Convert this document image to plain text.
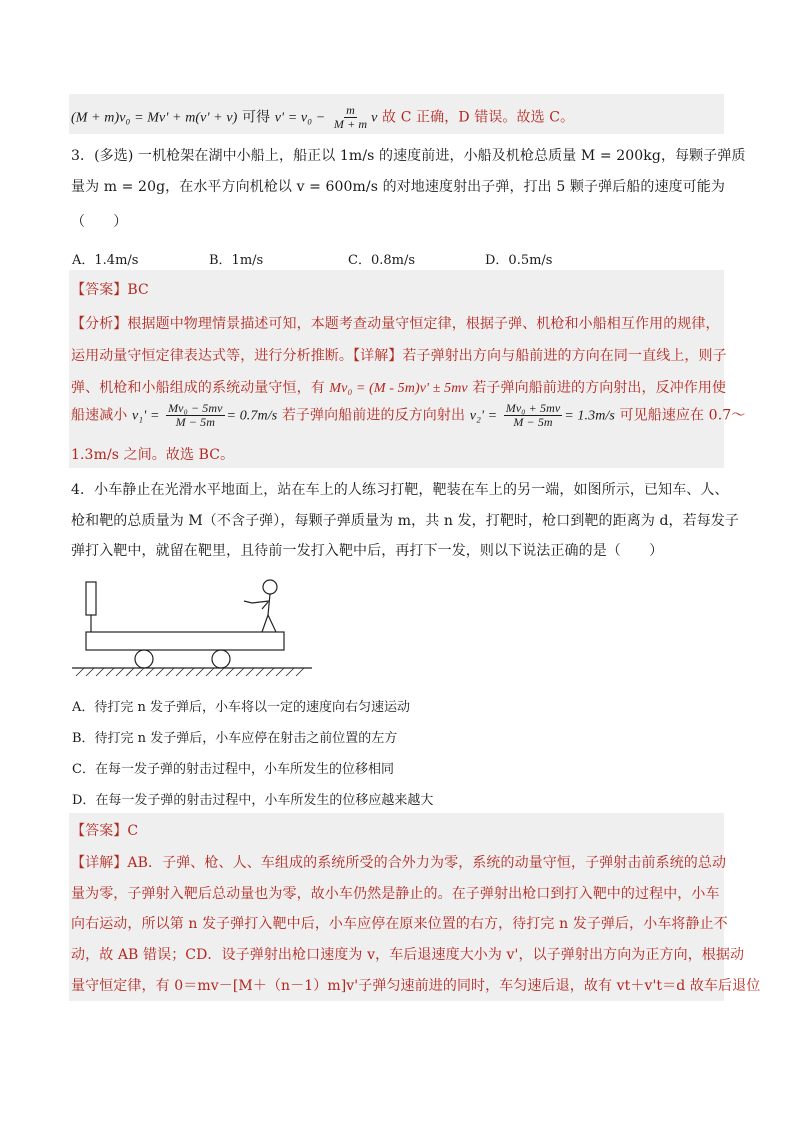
(M + m)v₀ = Mv' + m(v' + v) 可得 $v' = v_0 - \frac{m}{M + m}$ v 故 C 正确，D 错误。故选 C。
3．(多选) 一机枪架在湖中小船上，船正以 1m/s 的速度前进，小船及机枪总质量 M = 200kg，每颗子弹质
量为 m = 20g，在水平方向机枪以 v = 600m/s 的对地速度射出子弹，打出 5 颗子弹后船的速度可能为
（　　）
A．1.4m/s	B．1m/s	C．0.8m/s	D．0.5m/s
【答案】BC
【分析】根据题中物理情景描述可知，本题考查动量守恒定律，根据子弹、机枪和小船相互作用的规律，
运用动量守恒定律表达式等，进行分析推断。【详解】若子弹射出方向与船前进的方向在同一直线上，则子
弹、机枪和小船组成的系统动量守恒，有 Mv₀ = (M - 5m)v' ± 5mv 若子弹向船前进的方向射出，反冲作用使
船速减小 $v_1' = \frac{\text{Mv₀ − 5mv}}{M - 5m} = 0.7m/s$ 若子弹向船前进的反方向射出 $v_2' = \frac{\text{Mv₀ + 5mv}}{M - 5m} = 1.3m/s$ 可见船速应在 0.7～
1.3m/s 之间。故选 BC。
4．小车静止在光滑水平地面上，站在车上的人练习打靶，靶装在车上的另一端，如图所示，已知车、人、
枪和靶的总质量为 M（不含子弹），每颗子弹质量为 m，共 n 发，打靶时，枪口到靶的距离为 d，若每发子
弹打入靶中，就留在靶里，且待前一发打入靶中后，再打下一发，则以下说法正确的是（　　）
A．待打完 n 发子弹后，小车将以一定的速度向右匀速运动
B．待打完 n 发子弹后，小车应停在射击之前位置的左方
C．在每一发子弹的射击过程中，小车所发生的位移相同
D．在每一发子弹的射击过程中，小车所发生的位移应越来越大
【答案】C
【详解】AB．子弹、枪、人、车组成的系统所受的合外力为零，系统的动量守恒，子弹射击前系统的总动
量为零，子弹射入靶后总动量也为零，故小车仍然是静止的。在子弹射出枪口到打入靶中的过程中，小车
向右运动，所以第 n 发子弹打入靶中后，小车应停在原来位置的右方，待打完 n 发子弹后，小车将静止不
动，故 AB 错误；CD．设子弹射出枪口速度为 v，车后退速度大小为 v'，以子弹射出方向为正方向，根据动
量守恒定律，有 0＝mv－[M＋（n－1）m]v'子弹匀速前进的同时，车匀速后退，故有 vt＋v't＝d 故车后退位
